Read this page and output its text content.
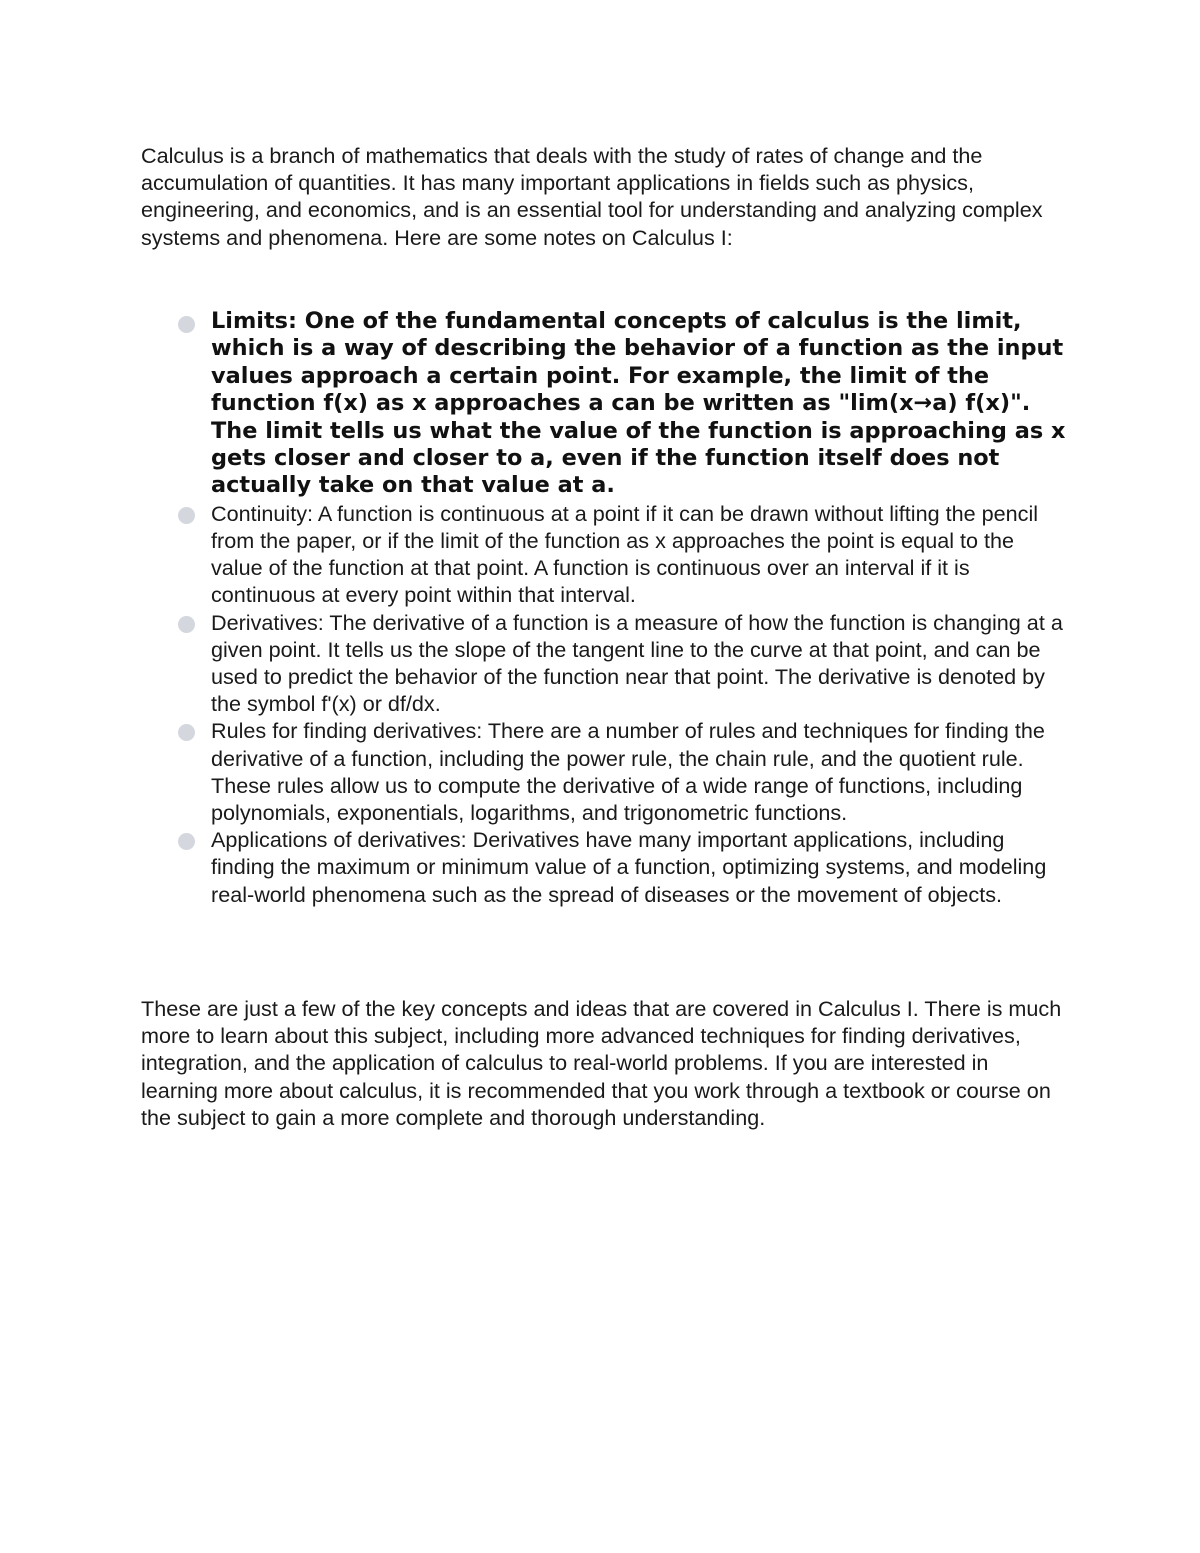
Calculus is a branch of mathematics that deals with the study of rates of change and the accumulation of quantities. It has many important applications in fields such as physics, engineering, and economics, and is an essential tool for understanding and analyzing complex systems and phenomena. Here are some notes on Calculus I:

Limits: One of the fundamental concepts of calculus is the limit, which is a way of describing the behavior of a function as the input values approach a certain point. For example, the limit of the function f(x) as x approaches a can be written as "lim(x→a) f(x)". The limit tells us what the value of the function is approaching as x gets closer and closer to a, even if the function itself does not actually take on that value at a.
Continuity: A function is continuous at a point if it can be drawn without lifting the pencil from the paper, or if the limit of the function as x approaches the point is equal to the value of the function at that point. A function is continuous over an interval if it is continuous at every point within that interval.
Derivatives: The derivative of a function is a measure of how the function is changing at a given point. It tells us the slope of the tangent line to the curve at that point, and can be used to predict the behavior of the function near that point. The derivative is denoted by the symbol f'(x) or df/dx.
Rules for finding derivatives: There are a number of rules and techniques for finding the derivative of a function, including the power rule, the chain rule, and the quotient rule. These rules allow us to compute the derivative of a wide range of functions, including polynomials, exponentials, logarithms, and trigonometric functions.
Applications of derivatives: Derivatives have many important applications, including finding the maximum or minimum value of a function, optimizing systems, and modeling real-world phenomena such as the spread of diseases or the movement of objects.

These are just a few of the key concepts and ideas that are covered in Calculus I. There is much more to learn about this subject, including more advanced techniques for finding derivatives, integration, and the application of calculus to real-world problems. If you are interested in learning more about calculus, it is recommended that you work through a textbook or course on the subject to gain a more complete and thorough understanding.
